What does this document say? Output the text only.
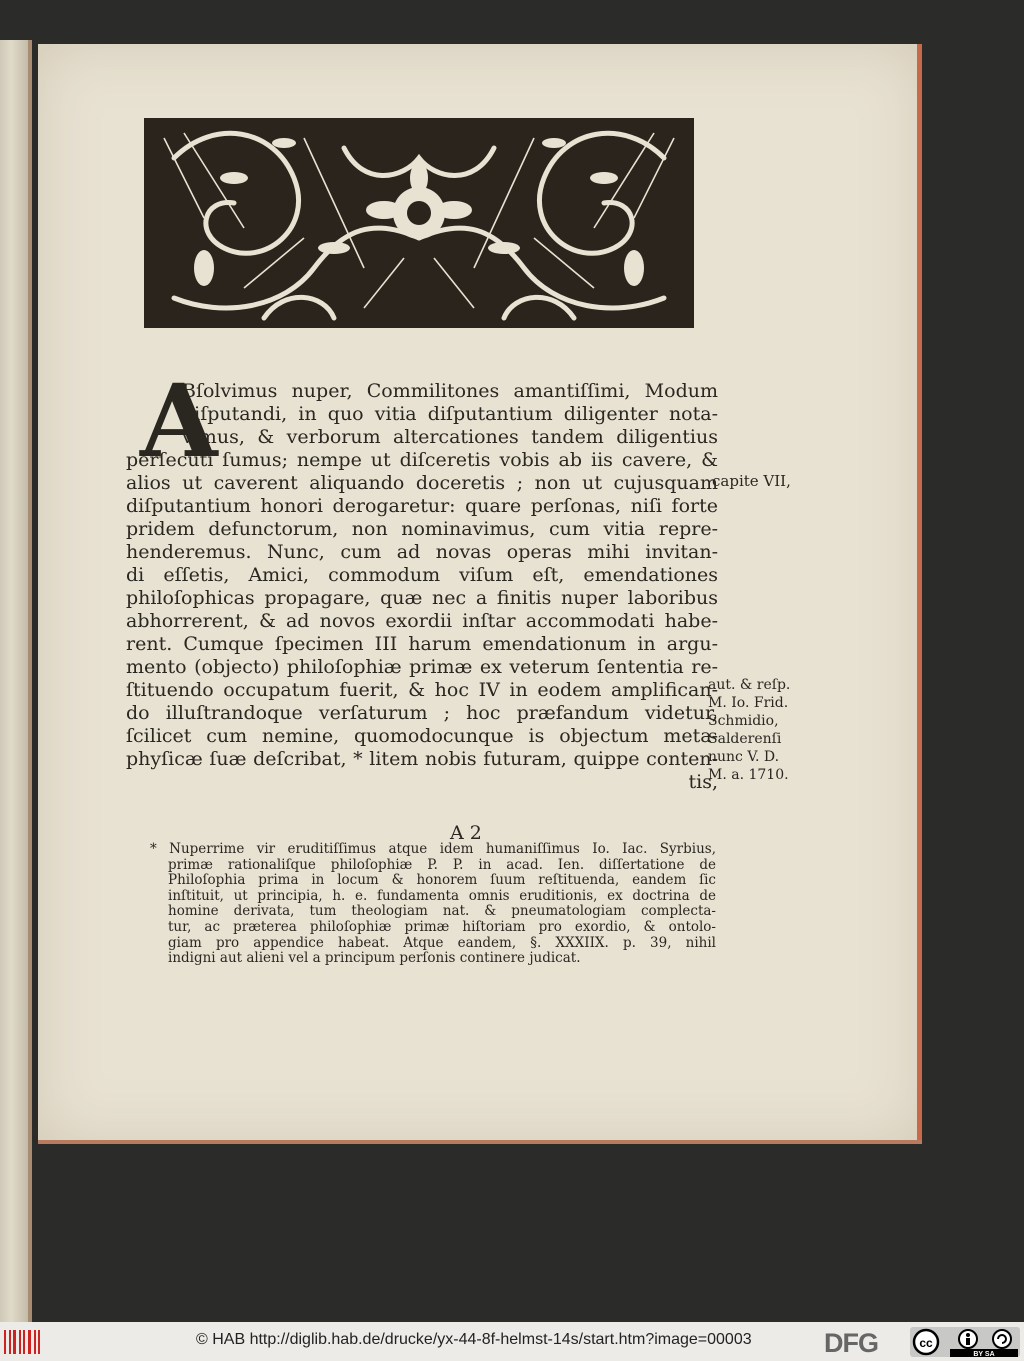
A
Bſolvimus nuper, Commilitones amantiſſimi, Modum
diſputandi, in quo vitia diſputantium diligenter nota-
vimus, & verborum altercationes tandem diligentius
perſecuti ſumus; nempe ut diſceretis vobis ab iis cavere, &
alios ut caverent aliquando doceretis ; non ut cujusquam
diſputantium honori derogaretur: quare perſonas, niſi forte
pridem defunctorum, non nominavimus, cum vitia repre-
henderemus. Nunc, cum ad novas operas mihi invitan-
di eſſetis, Amici, commodum viſum eſt, emendationes
philoſophicas propagare, quæ nec a finitis nuper laboribus
abhorrerent, & ad novos exordii inſtar accommodati habe-
rent. Cumque ſpecimen III harum emendationum in argu-
mento (objecto) philoſophiæ primæ ex veterum ſententia re-
ſtituendo occupatum fuerit, & hoc IV in eodem amplifican-
do illuſtrandoque verſaturum ; hoc præfandum videtur,
ſcilicet cum nemine, quomodocunque is objectum meta-
phyſicæ ſuæ deſcribat, * litem nobis futuram, quippe conten-
tis,
A 2
capite VII,
aut. & reſp.
M. Io. Frid.
Schmidio,
Salderenſi
nunc V. D.
M. a. 1710.
* Nuperrime vir eruditiſſimus atque idem humaniſſimus Io. Iac. Syrbius,
primæ rationaliſque philoſophiæ P. P. in acad. Ien. diſſertatione de
Philoſophia prima in locum & honorem ſuum reſtituenda, eandem ſic
inſtituit, ut principia, h. e. fundamenta omnis eruditionis, ex doctrina de
homine derivata, tum theologiam nat. & pneumatologiam complecta-
tur, ac præterea philoſophiæ primæ hiſtoriam pro exordio, & ontolo-
giam pro appendice habeat. Atque eandem, §. XXXIIX. p. 39, nihil
indigni aut alieni vel a principum perſonis continere judicat.
© HAB http://diglib.hab.de/drucke/yx-44-8f-helmst-14s/start.htm?image=00003	DFG	cc
BY SA
